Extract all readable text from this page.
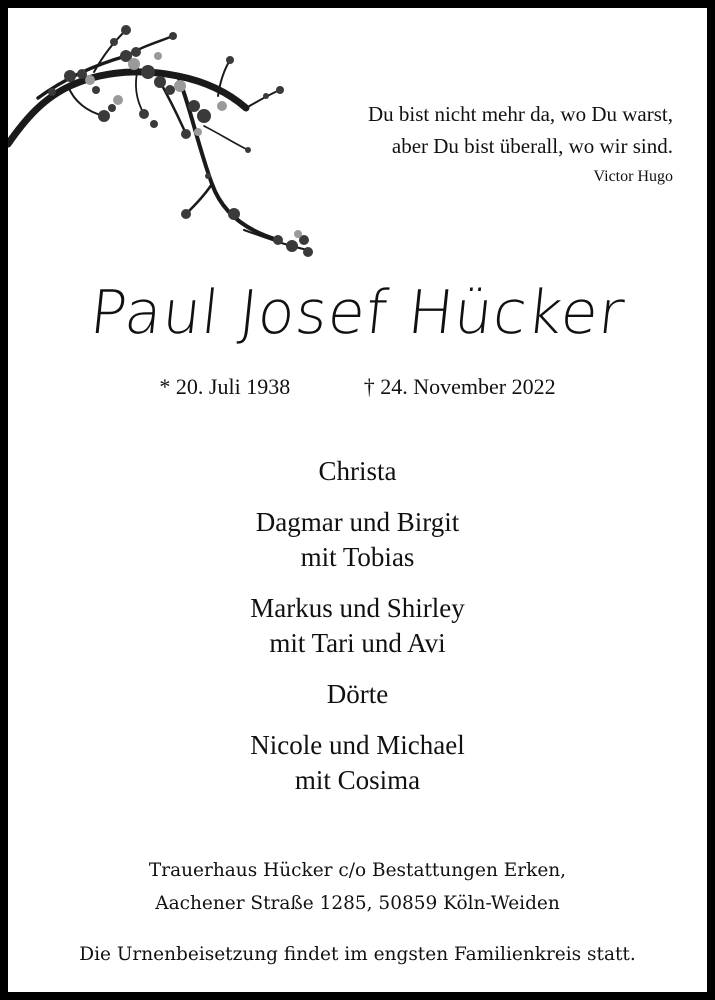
Du bist nicht mehr da, wo Du warst,
aber Du bist überall, wo wir sind.
Victor Hugo
Paul Josef Hücker
* 20. Juli 1938	† 24. November 2022
Christa
Dagmar und Birgit
mit Tobias
Markus und Shirley
mit Tari und Avi
Dörte
Nicole und Michael
mit Cosima
Trauerhaus Hücker c/o Bestattungen Erken,
Aachener Straße 1285, 50859 Köln-Weiden
Die Urnenbeisetzung findet im engsten Familienkreis statt.
